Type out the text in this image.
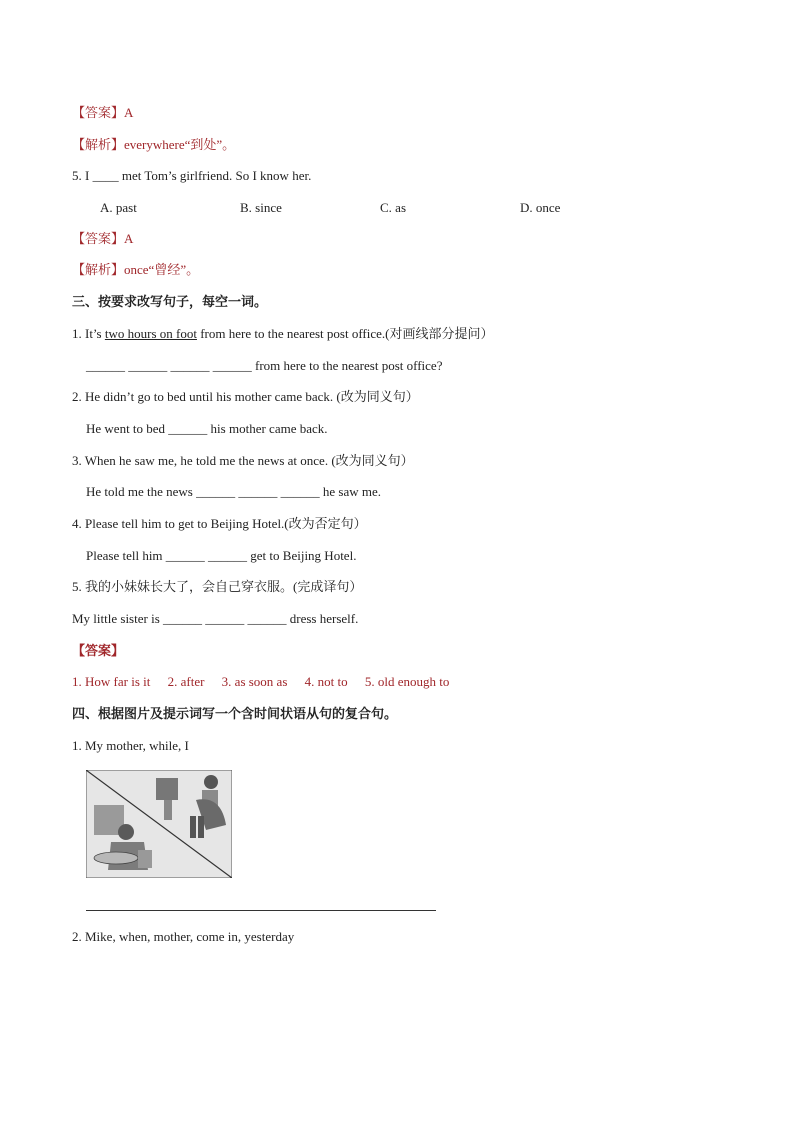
【答案】A
【解析】everywhere“到处”。
5. I ____ met Tom’s girlfriend. So I know her.
A. past	B. since	C. as	D. once
【答案】A
【解析】once“曾经”。
三、按要求改写句子，每空一词。
1. It’s two hours on foot from here to the nearest post office.(对画线部分提问）
______ ______ ______ ______ from here to the nearest post office?
2. He didn’t go to bed until his mother came back. (改为同义句）
He went to bed ______ his mother came back.
3. When he saw me, he told me the news at once. (改为同义句）
He told me the news ______ ______ ______ he saw me.
4. Please tell him to get to Beijing Hotel.(改为否定句）
Please tell him ______ ______ get to Beijing Hotel.
5. 我的小妹妹长大了，会自己穿衣服。(完成译句）
My little sister is ______ ______ ______ dress herself.
【答案】
1. How far is it 2. after 3. as soon as 4. not to 5. old enough to
四、根据图片及提示词写一个含时间状语从句的复合句。
1. My mother, while, I
2. Mike, when, mother, come in, yesterday
